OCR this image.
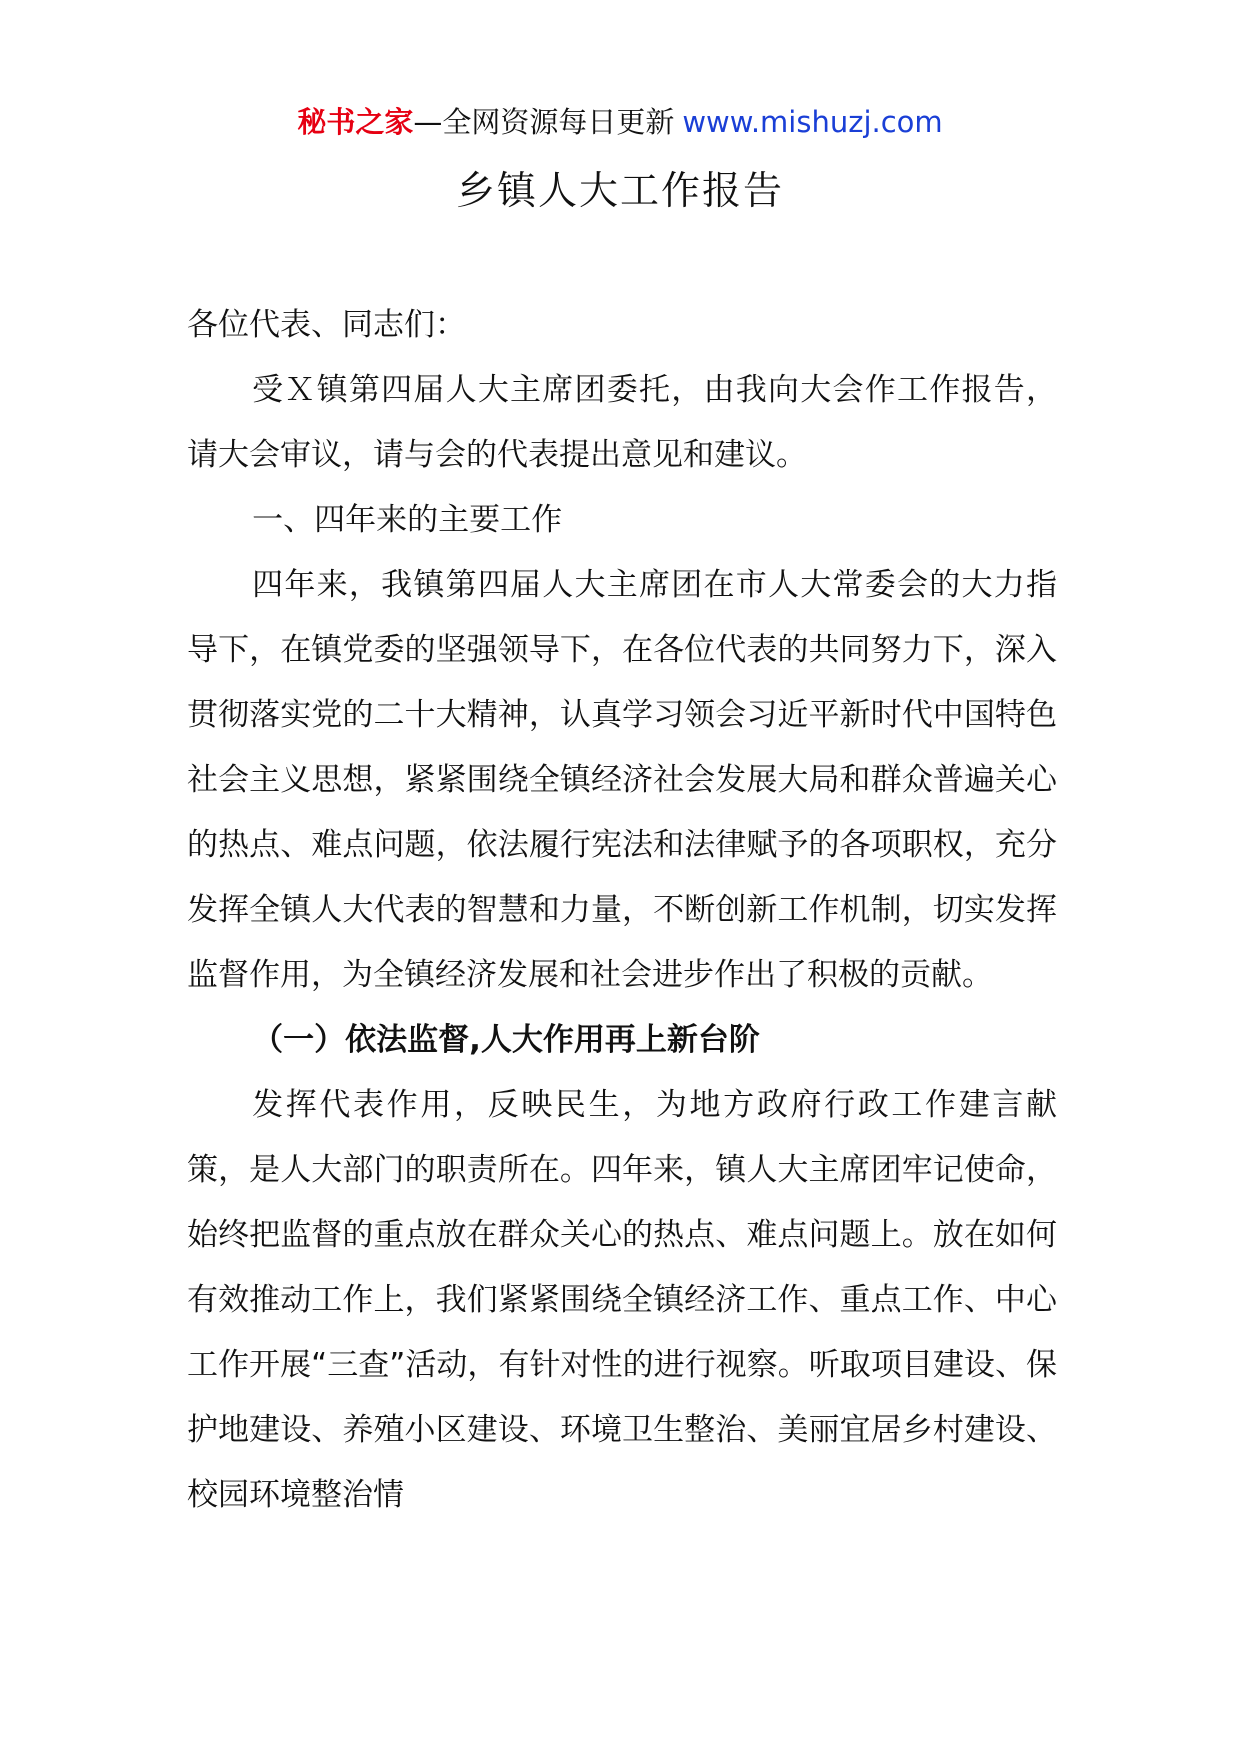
秘书之家—全网资源每日更新 www.mishuzj.com
乡镇人大工作报告

各位代表、同志们：

受Ｘ镇第四届人大主席团委托，由我向大会作工作报告，请大会审议，请与会的代表提出意见和建议。

一、四年来的主要工作

四年来，我镇第四届人大主席团在市人大常委会的大力指导下，在镇党委的坚强领导下，在各位代表的共同努力下，深入贯彻落实党的二十大精神，认真学习领会习近平新时代中国特色社会主义思想，紧紧围绕全镇经济社会发展大局和群众普遍关心的热点、难点问题，依法履行宪法和法律赋予的各项职权，充分发挥全镇人大代表的智慧和力量，不断创新工作机制，切实发挥监督作用，为全镇经济发展和社会进步作出了积极的贡献。

（一）依法监督,人大作用再上新台阶

发挥代表作用，反映民生，为地方政府行政工作建言献策，是人大部门的职责所在。四年来，镇人大主席团牢记使命，始终把监督的重点放在群众关心的热点、难点问题上。放在如何有效推动工作上，我们紧紧围绕全镇经济工作、重点工作、中心工作开展“三查”活动，有针对性的进行视察。听取项目建设、保护地建设、养殖小区建设、环境卫生整治、美丽宜居乡村建设、校园环境整治情
